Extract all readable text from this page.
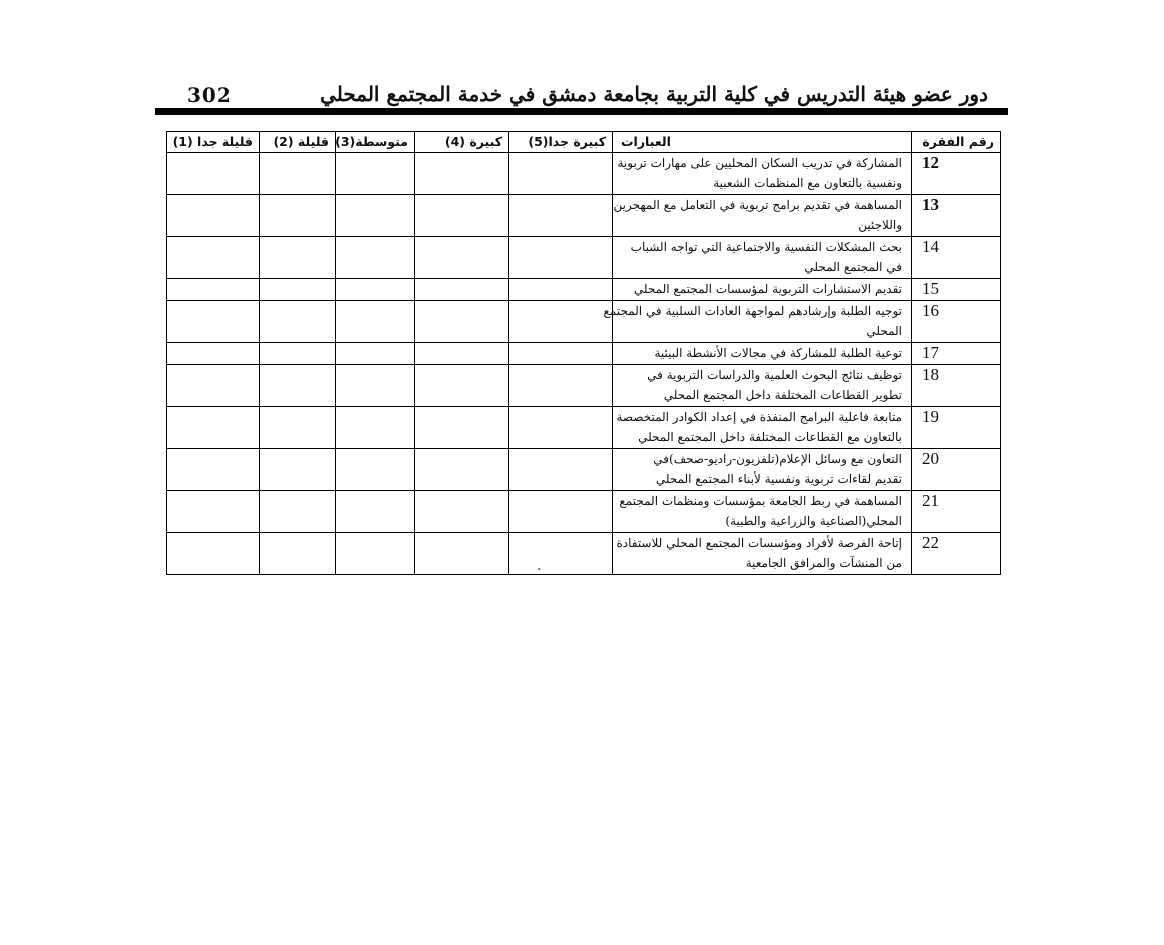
دور عضو هيئة التدريس في كلية التربية بجامعة دمشق في خدمة المجتمع المحلي
302
رقم الفقرة	العبارات	كبيرة جدا(5)	كبيرة (4)	متوسطة(3)	قليلة (2)	قليلة جدا (1)
12	المشاركة في تدريب السكان المحليين على مهارات تربوية
ونفسية بالتعاون مع المنظمات الشعبية					

13	المساهمة في تقديم برامج تربوية في التعامل مع المهجرين
واللاجئين					

14	بحث المشكلات النفسية والاجتماعية التي تواجه الشباب
في المجتمع المحلي					

15	تقديم الاستشارات التربوية لمؤسسات المجتمع المحلي					

16	توجيه الطلبة وإرشادهم لمواجهة العادات السلبية في المجتمع
المحلي					

17	توعية الطلبة للمشاركة في مجالات الأنشطة البيئية					

18	توظيف نتائج البحوث العلمية والدراسات التربوية في
تطوير القطاعات المختلفة داخل المجتمع المحلي					

19	متابعة فاعلية البرامج المنفذة في إعداد الكوادر المتخصصة
بالتعاون مع القطاعات المختلفة داخل المجتمع المحلي					

20	التعاون مع وسائل الإعلام(تلفزيون-راديو-صحف)في
تقديم لقاءات تربوية ونفسية لأبناء المجتمع المحلي					

21	المساهمة في ربط الجامعة بمؤسسات ومنظمات المجتمع
المحلي(الصناعية والزراعية والطبية)					

22	إتاحة الفرصة لأفراد ومؤسسات المجتمع المحلي للاستفادة
من المنشآت والمرافق الجامعية					
